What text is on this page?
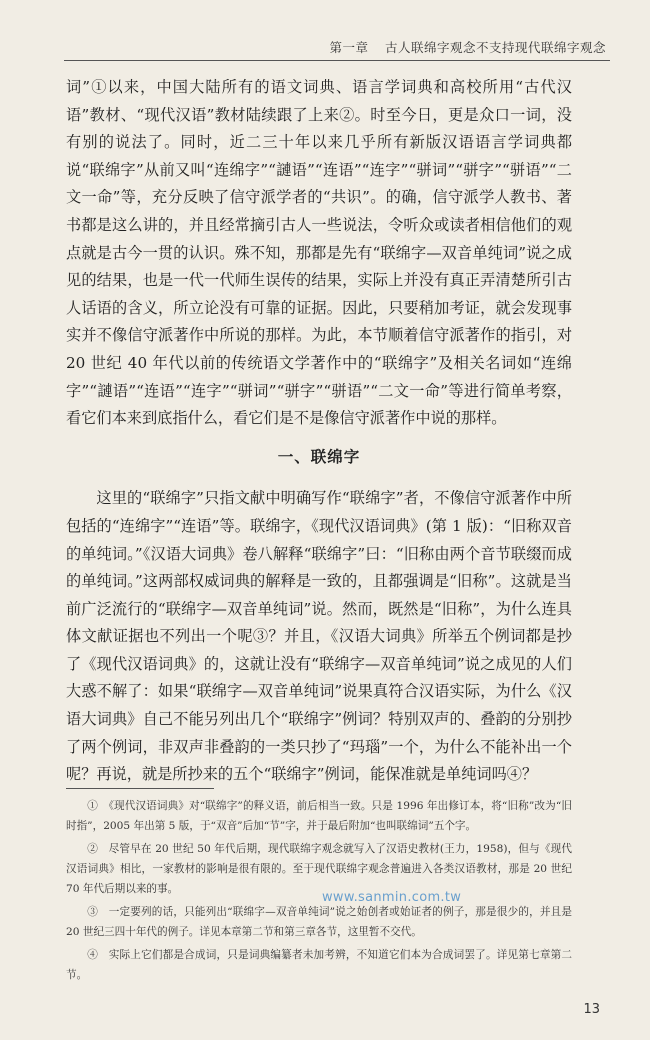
第一章 古人联绵字观念不支持现代联绵字观念

词”①以来，中国大陆所有的语文词典、语言学词典和高校所用“古代汉语”教材、“现代汉语”教材陆续跟了上来②。时至今日，更是众口一词，没有别的说法了。同时，近二三十年以来几乎所有新版汉语语言学词典都说“联绵字”从前又叫“连绵字”“謰语”“连语”“连字”“骈词”“骈字”“骈语”“二文一命”等，充分反映了信守派学者的“共识”。的确，信守派学人教书、著书都是这么讲的，并且经常摘引古人一些说法，令听众或读者相信他们的观点就是古今一贯的认识。殊不知，那都是先有“联绵字—双音单纯词”说之成见的结果，也是一代一代师生误传的结果，实际上并没有真正弄清楚所引古人话语的含义，所立论没有可靠的证据。因此，只要稍加考证，就会发现事实并不像信守派著作中所说的那样。为此，本节顺着信守派著作的指引，对 20 世纪 40 年代以前的传统语文学著作中的“联绵字”及相关名词如“连绵字”“謰语”“连语”“连字”“骈词”“骈字”“骈语”“二文一命”等进行简单考察，看它们本来到底指什么，看它们是不是像信守派著作中说的那样。

一、联绵字

这里的“联绵字”只指文献中明确写作“联绵字”者，不像信守派著作中所包括的“连绵字”“连语”等。联绵字，《现代汉语词典》(第 1 版)：“旧称双音的单纯词。”《汉语大词典》卷八解释“联绵字”曰：“旧称由两个音节联缀而成的单纯词。”这两部权威词典的解释是一致的，且都强调是“旧称”。这就是当前广泛流行的“联绵字—双音单纯词”说。然而，既然是“旧称”，为什么连具体文献证据也不列出一个呢③？并且，《汉语大词典》所举五个例词都是抄了《现代汉语词典》的，这就让没有“联绵字—双音单纯词”说之成见的人们大惑不解了：如果“联绵字—双音单纯词”说果真符合汉语实际，为什么《汉语大词典》自己不能另列出几个“联绵字”例词？特别双声的、叠韵的分别抄了两个例词，非双声非叠韵的一类只抄了“玛瑙”一个，为什么不能补出一个呢？再说，就是所抄来的五个“联绵字”例词，能保准就是单纯词吗④？

①　《现代汉语词典》对“联绵字”的释义语，前后相当一致。只是 1996 年出修订本，将“旧称”改为“旧时指”，2005 年出第 5 版，于“双音”后加“节”字，并于最后附加“也叫联绵词”五个字。

②　尽管早在 20 世纪 50 年代后期，现代联绵字观念就写入了汉语史教材(王力，1958)，但与《现代汉语词典》相比，一家教材的影响是很有限的。至于现代联绵字观念普遍进入各类汉语教材，那是 20 世纪 70 年代后期以来的事。

③　一定要列的话，只能列出“联绵字—双音单纯词”说之始创者或始证者的例子，那是很少的，并且是 20 世纪三四十年代的例子。详见本章第二节和第三章各节，这里暂不交代。

④　实际上它们都是合成词，只是词典编纂者未加考辨，不知道它们本为合成词罢了。详见第七章第二节。

www.sanmin.com.tw
13
